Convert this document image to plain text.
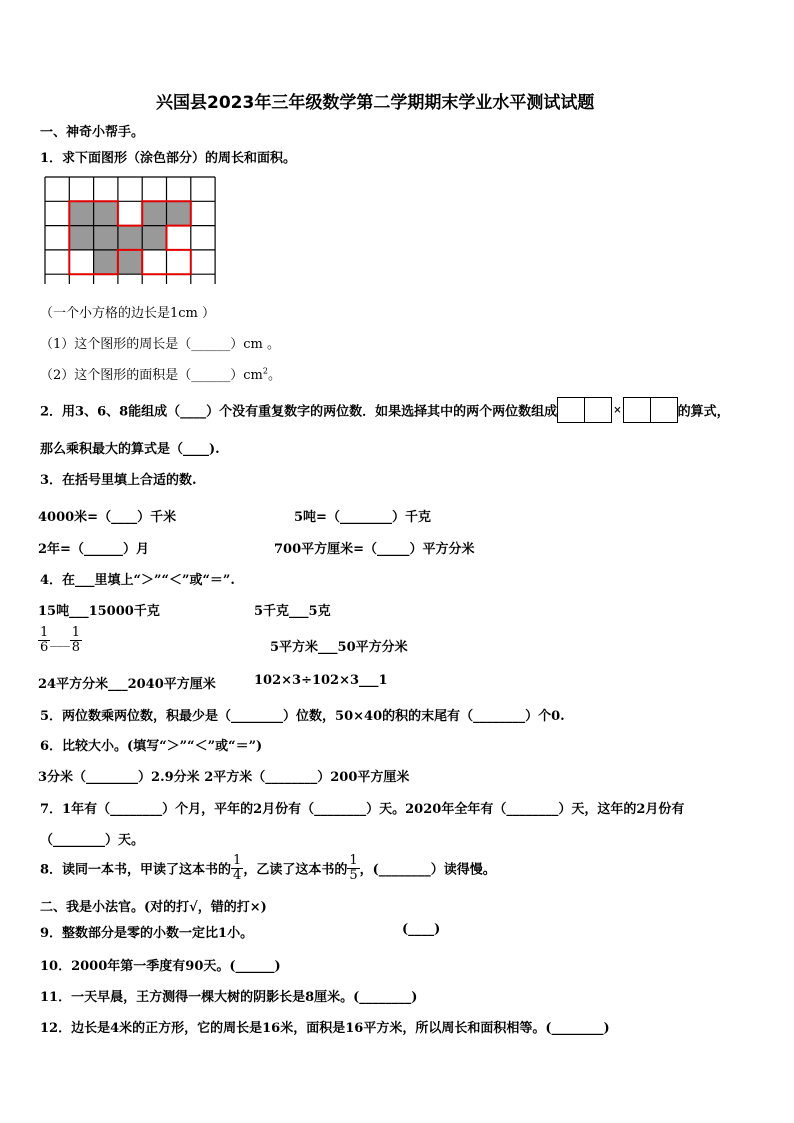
兴国县2023年三年级数学第二学期期末学业水平测试试题
一、神奇小帮手。
1．求下面图形（涂色部分）的周长和面积。
（一个小方格的边长是1cm ）
（1）这个图形的周长是（______）cm 。
（2）这个图形的面积是$(\_\_\_\_\_\_)cm^2$。
2．用3、6、8能组成（____）个没有重复数字的两位数．如果选择其中的两个两位数组成	×	的算式，
那么乘积最大的算式是（____).
3．在括号里填上合适的数.
4000米=（____）千米	5吨=（________）千克
2年=（______）月	700平方厘米=（_____）平方分米
4．在___里填上“＞”“＜”或“＝”.
15吨___15000千克	5千克___5克
$\frac{1}{6}$ ___ $\frac{1}{8}$	5平方米___50平方分米
24平方分米___2040平方厘米	102×3÷102×3___1
5．两位数乘两位数，积最少是（________）位数，50×40的积的末尾有（________）个0.
6．比较大小。(填写“＞”“＜”或“＝”)
3分米（________）2.9分米 2平方米（________）200平方厘米
7．1年有（________）个月，平年的2月份有（________）天。2020年全年有（________）天，这年的2月份有
（________）天。
8．读同一本书，甲读了这本书的 $\frac{1}{4}$ ，乙读了这本书的 $\frac{1}{5}$ ，(________）读得慢。
二、我是小法官。(对的打√，错的打×)
9．整数部分是零的小数一定比1小。	(____)
10．2000年第一季度有90天。(______)
11．一天早晨，王方测得一棵大树的阴影长是8厘米。(________)
12．边长是4米的正方形，它的周长是16米，面积是16平方米，所以周长和面积相等。(________)
